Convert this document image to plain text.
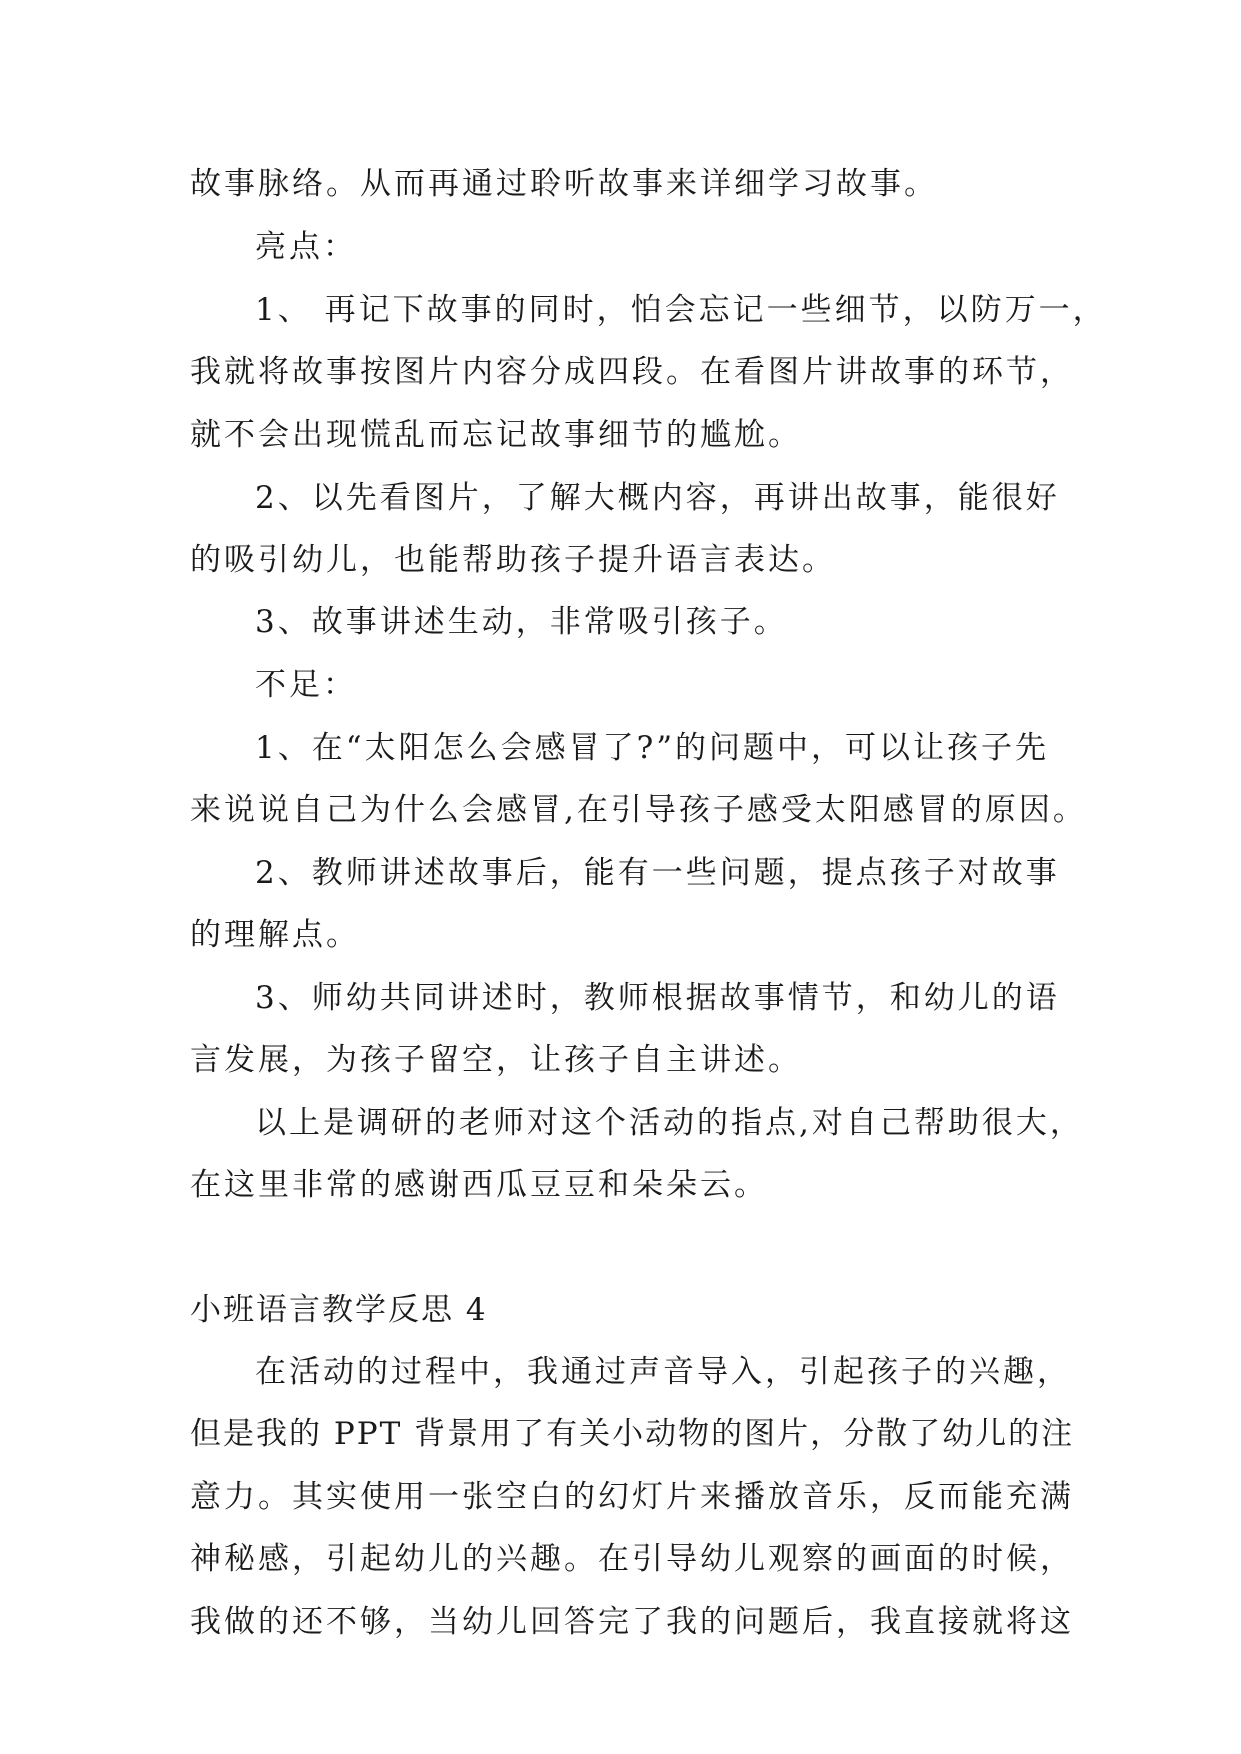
故事脉络。从而再通过聆听故事来详细学习故事。
亮点：
1、 再记下故事的同时，怕会忘记一些细节，以防万一，
我就将故事按图片内容分成四段。在看图片讲故事的环节，
就不会出现慌乱而忘记故事细节的尴尬。
2、以先看图片，了解大概内容，再讲出故事，能很好
的吸引幼儿，也能帮助孩子提升语言表达。
3、故事讲述生动，非常吸引孩子。
不足：
1、在“太阳怎么会感冒了?”的问题中，可以让孩子先
来说说自己为什么会感冒,在引导孩子感受太阳感冒的原因。
2、教师讲述故事后，能有一些问题，提点孩子对故事
的理解点。
3、师幼共同讲述时，教师根据故事情节，和幼儿的语
言发展，为孩子留空，让孩子自主讲述。
以上是调研的老师对这个活动的指点,对自己帮助很大，
在这里非常的感谢西瓜豆豆和朵朵云。
小班语言教学反思 4
在活动的过程中，我通过声音导入，引起孩子的兴趣，
但是我的 PPT 背景用了有关小动物的图片，分散了幼儿的注
意力。其实使用一张空白的幻灯片来播放音乐，反而能充满
神秘感，引起幼儿的兴趣。在引导幼儿观察的画面的时候，
我做的还不够，当幼儿回答完了我的问题后，我直接就将这
